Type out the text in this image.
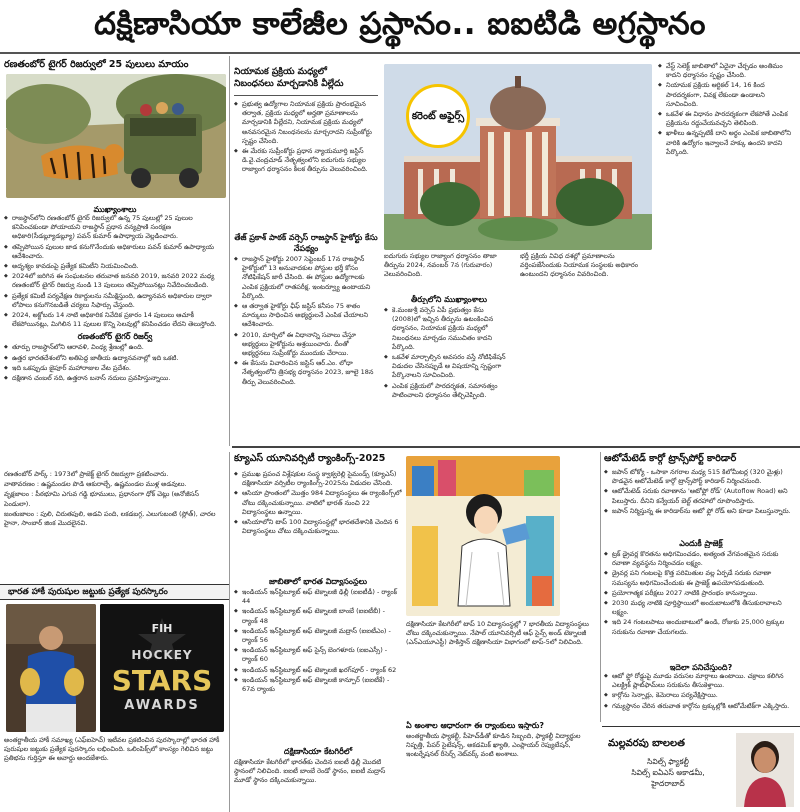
దక్షిణాసియా కాలేజీల ప్రస్థానం.. ఐఐటిడి అగ్రస్థానం
రణతంబోర్ టైగర్ రిజర్వులో 25 పులులు మాయం
ముఖ్యాంశాలు
◆ రాజస్థాన్‌లోని రణతంబోర్ టైగర్ రిజర్వులో ఉన్న 75 పులుల్లో 25 పులుల కనిపించకుండా పోయాయని రాజస్థాన్ ప్రధాన వన్యప్రాణి సంరక్షణ అధికారి(సీడబ్ల్యూడబ్ల్యూ) పవన్ కుమార్ ఉపాధ్యాయ వెల్లడించారు.
◆ తప్పిపోయిన పులుల జాడ కనుగొనేందుకు అధికారులు పవన్ కుమార్ ఉపాధ్యాయ ఆదేశించారు.
◆ అదృశ్యం కావడంపై ప్రత్యేక కమిటీని నియమించింది.
◆ 2024లో జరిగిన ఈ సంఘటనల తరువాత జనవరి 2019, జనవరి 2022 మధ్య రణతంబోర్ టైగర్ రిజర్వు నుండి 13 పులులు తప్పిపోయినట్లు నివేదించబడింది.
◆ ప్రత్యేక కమిటీ పర్యవేక్షణ రికార్డులను సమీక్షిస్తుంది, ఉద్యానవన అధికారుల ద్వారా లోపాలు కనుగొనబడితే చర్యలు సిఫార్సు చేస్తుంది.
◆ 2024, అక్టోబరు 14 నాటి అధికారిక నివేదిక ప్రకారం 14 పులులు ఆచూకీ లేకపోయినట్లు, మిగిలిన 11 పులుల కొన్ని సెలవుల్లో కనిపించడం లేదని తెలుస్తోంది.
రణతంబోర్ టైగర్ రిజర్వ్
◆ తూర్పు రాజస్థాన్‌లోని ఆరావళి, వింధ్య శ్రేణుల్లో ఉంది.
◆ ఉత్తర భారతదేశంలోని అతిపెద్ద జాతీయ ఉద్యానవనాల్లో ఇది ఒకటి.
◆ ఇది ఒకప్పుడు జైపూర్ మహారాజుల వేట ప్రదేశం.
◆ దక్షిణాన చంబల్ నది, ఉత్తరాన బనాస్ నదులు ప్రవహిస్తున్నాయి.

రణతంబోర్ పార్క్ : 1973లో ప్రాజెక్ట్ టైగర్ రిజర్వుగా ప్రకటించారు.

వాతావరణం : ఉష్ణమండల పొడి ఆకురాల్చే, ఉష్ణమండల ముళ్ల అడవులు.

వృక్షజాలం : పీఠభూమి ఎగువ గడ్డి భూములు, ప్రధానంగా ధోక్ చెట్లు (అనోజీసస్ పెండులా).

జంతుజాలం : పులి, చిరుతపులి, అడవి పంది, లకడబగ్గ, ఎలుగుబంటి (స్లోత్), చారల హైనా, సాంబార్ జింక మొదలైనవి.

భారత హాకీ పురుషుల జట్టుకు ప్రత్యేక పురస్కారం
FIH
HOCKEY
STARS
AWARDS

అంతర్జాతీయ హాకీ సమాఖ్య (ఎఫ్ఐహెచ్) ఇటీవల ప్రకటించిన పురస్కారాల్లో భారత హాకీ పురుషుల జట్టుకు ప్రత్యేక పురస్కారం లభించింది. ఒలింపిక్స్‌లో కాంస్యం గెలిచిన జట్టు ప్రతిభను గుర్తిస్తూ ఈ అవార్డు అందజేశారు.

నియామక ప్రక్రియ మధ్యలో
నిబంధనలు మార్చడానికి వీల్లేదు
◆ ప్రభుత్వ ఉద్యోగాల నియామక ప్రక్రియ ప్రారంభమైన తర్వాత, ప్రక్రియ మధ్యలో అర్హతా ప్రమాణాలను మార్చడానికి వీల్లేదని, నియామక ప్రక్రియ మధ్యలో అనవసరమైన నిబంధనలను మార్చరాదని సుప్రీంకోర్టు స్పష్టం చేసింది.
◆ ఈ మేరకు సుప్రీంకోర్టు ప్రధాన న్యాయమూర్తి జస్టిస్ డి.వై.చంద్రచూడ్ నేతృత్వంలోని ఐదుగురు సభ్యుల రాజ్యాంగ ధర్మాసనం కీలక తీర్పును వెలువరించింది.
తేజ్ ప్రకాశ్ పాఠక్ వర్సెస్ రాజస్థాన్ హైకోర్టు కేసు నేపథ్యం
◆ రాజస్థాన్ హైకోర్టు 2007 సెప్టెంబర్ 17న రాజస్థాన్ హైకోర్టులో 13 అనువాదకుల పోస్టుల భర్తీ కోసం నోటిఫికేషన్ జారీ చేసింది. ఈ పోస్టుల ఉద్యోగాలకు ఎంపిక ప్రక్రియలో రాతపరీక్ష, ఇంటర్వ్యూ ఉంటాయని పేర్కొంది.
◆ ఆ తర్వాత హైకోర్టు ఛీఫ్ జస్టిస్ కనీసం 75 శాతం మార్కులు సాధించిన అభ్యర్థులనే ఎంపిక చేయాలని ఆదేశించారు.
◆ 2010, మార్చిలో ఈ విధానాన్ని సవాలు చేస్తూ అభ్యర్థులు హైకోర్టును ఆశ్రయించారు. దీంతో అభ్యర్థనలు సుప్రీంకోర్టు ముందుకు చేరాయి.
◆ ఈ కేసును విచారించిన జస్టిస్ ఆర్.ఎం. లోధా నేతృత్వంలోని త్రిసభ్య ధర్మాసనం 2023, జూలై 18న తీర్పు వెలువరించింది.
కరెంట్ అఫైర్స్

ఐదుగురు సభ్యుల రాజ్యాంగ ధర్మాసనం తాజా తీర్పును 2024, నవంబర్ 7న (గురువారం) వెలువరించింది.

తీర్పులోని ముఖ్యాంశాలు
◆ కె.మంజుశ్రీ వర్సెస్ ఏపీ ప్రభుత్వం కేసు (2008)లో ఇచ్చిన తీర్పును ఉటంకించిన ధర్మాసనం, నియామక ప్రక్రియ మధ్యలో నిబంధనలు మార్చడం సముచితం కాదని పేర్కొంది.
◆ ఒకవేళ మార్చాల్సిన అవసరం వస్తే నోటిఫికేషన్ విడుదల చేసినప్పుడే ఆ విషయాన్ని స్పష్టంగా పేర్కొనాలని సూచించింది.
◆ ఎంపిక ప్రక్రియలో పారదర్శకత, సమానత్వం పాటించాలని ధర్మాసనం తేల్చిచెప్పింది.

భర్తీ ప్రక్రియ వివిధ దశల్లో ప్రమాణాలను వర్తింపజేసేందుకు నియామక సంస్థలకు అధికారం ఉంటుందని ధర్మాసనం వివరించింది.

◆ వేస్ట్ సెలెక్ట్ జాబితాలో ఏదైనా చేర్చడం అంతిమం కాదని ధర్మాసనం స్పష్టం చేసింది.
◆ నియామక ప్రక్రియ ఆర్టికల్ 14, 16 కింద పారదర్శకంగా, వివక్ష లేకుండా ఉండాలని సూచించింది.
◆ ఒకవేళ ఈ విధానం పారదర్శకంగా లేకపోతే ఎంపిక ప్రక్రియను రద్దుచేయవచ్చని తెలిపింది.
◆ ఖాళీలు ఉన్నప్పటికీ దాని అర్థం ఎంపిక జాబితాలోని వారికి ఉద్యోగం ఇవ్వాలనే హక్కు ఉందని కాదని పేర్కొంది.
క్యూఎస్ యూనివర్సిటీ ర్యాంకింగ్స్-2025
◆ ప్రముఖ ప్రపంచ విశ్లేషకుల సంస్థ క్వాక్వరెల్లి సైమండ్స్ (క్యూఎస్) దక్షిణాసియా వర్సిటీల ర్యాంకింగ్స్-2025ను విడుదల చేసింది.
◆ ఆసియా ప్రాంతంలో మొత్తం 984 విద్యాసంస్థలు ఈ ర్యాంకింగ్స్‌లో చోటు దక్కించుకున్నాయి. వాటిలో భారత్ నుంచి 22 విద్యాసంస్థలు ఉన్నాయి.
◆ ఆసియాలోని టాప్ 100 విద్యాసంస్థల్లో భారతదేశానికి చెందిన 6 విద్యాసంస్థలు చోటు దక్కించుకున్నాయి.
జాబితాలో భారత విద్యాసంస్థలు
◆ ఇండియన్ ఇన్‌స్టిట్యూట్ ఆఫ్ టెక్నాలజీ ఢిల్లీ (ఐఐటీడీ) - ర్యాంక్ 44
◆ ఇండియన్ ఇన్‌స్టిట్యూట్ ఆఫ్ టెక్నాలజీ బాంబే (ఐఐటీబీ) - ర్యాంక్ 48
◆ ఇండియన్ ఇన్‌స్టిట్యూట్ ఆఫ్ టెక్నాలజీ మద్రాస్ (ఐఐటీఎం) - ర్యాంక్ 56
◆ ఇండియన్ ఇన్‌స్టిట్యూట్ ఆఫ్ సైన్స్ బెంగళూరు (ఐఐఎస్సీ) - ర్యాంక్ 60
◆ ఇండియన్ ఇన్‌స్టిట్యూట్ ఆఫ్ టెక్నాలజీ ఖరగ్‌పూర్ - ర్యాంక్ 62
◆ ఇండియన్ ఇన్‌స్టిట్యూట్ ఆఫ్ టెక్నాలజీ కాన్పూర్ (ఐఐటీకే) - 67వ ర్యాంకు
దక్షిణాసియా కేటగిరీలో

దక్షిణాసియా కేటగిరీలో భారత్‌కు చెందిన ఐఐటీ ఢిల్లీ మొదటి స్థానంలో నిలిచింది. ఐఐటీ బాంబే రెండో స్థానం, ఐఐటీ మద్రాస్ మూడో స్థానం దక్కించుకున్నాయి.

దక్షిణాసియా కేటగిరీలో టాప్ 10 విద్యాసంస్థల్లో 7 భారతీయ విద్యాసంస్థలు చోటు దక్కించుకున్నాయి. నేపాల్ యూనివర్సిటీ ఆఫ్ సైన్స్ అండ్ టెక్నాలజీ (ఎన్ఎయూఎస్టీ) పాకిస్తాన్ దక్షిణాసియా విభాగంలో టాప్-5లో నిలిచింది.

ఏ అంశాల ఆధారంగా ఈ ర్యాంకులు ఇస్తారు?

అంతర్జాతీయ ఫ్యాకల్టీ, పీహెచ్‌డీతో కూడిన సిబ్బంది, ఫ్యాకల్టీ విద్యార్థుల నిష్పత్తి, పేపర్ సైటేషన్స్, అకడమిక్ ఖ్యాతి, ఎంప్లాయర్ రెప్యుటేషన్, ఇంటర్నేషనల్ రీసెర్చ్ నెట్‌వర్క్ వంటి అంశాలు.

ఆటోమేటెడ్ కార్గో ట్రాన్స్‌పోర్ట్ కారిడార్
◆ జపాన్ టోక్యో - ఒసాకా నగరాల మధ్య 515 కిలోమీటర్ల (320 మైళ్లు) పొడవైన ఆటోమేటెడ్ కార్గో ట్రాన్స్‌పోర్ట్ కారిడార్ నిర్మించనుంది.
◆ ఆటోమేటెడ్ సరుకు రవాణాను 'ఆటోఫ్లో రోడ్' (Autoflow Road) అని పిలుస్తారు. దీనిని కన్వేయర్ బెల్ట్ తరహాలో రూపొందిస్తారు.
◆ జపాన్ నిర్మిస్తున్న ఈ కారిడార్‌ను ఆటో ఫ్లో రోడ్ అని కూడా పిలుస్తున్నారు.
ఎందుకీ ప్రాజెక్ట్
◆ ట్రక్ డ్రైవర్ల కొరతను అధిగమించడం, అత్యంత వేగవంతమైన సరుకు రవాణా వ్యవస్థను నిర్మించడం లక్ష్యం.
◆ డ్రైవర్ల పని గంటలపై కొత్త పరిమితుల వల్ల ఏర్పడే సరుకు రవాణా సమస్యను అధిగమించేందుకు ఈ ప్రాజెక్ట్ ఉపయోగపడుతుంది.
◆ ప్రయోగాత్మక పరీక్షలు 2027 నాటికి ప్రారంభం కానున్నాయి.
◆ 2030 మధ్య నాటికి పూర్తిస్థాయిలో అందుబాటులోకి తీసుకురావాలని లక్ష్యం.
◆ ఇది 24 గంటలపాటు అందుబాటులో ఉండి, రోజుకు 25,000 ట్రక్కుల సరుకును రవాణా చేయగలదు.
ఇదెలా పనిచేస్తుంది?
◆ ఆటో ఫ్లో రోడ్డుపై మూడు వరుసల మార్గాలు ఉంటాయి. చక్రాలు కలిగిన ఎలక్ట్రిక్ ప్లాట్‌ఫామ్‌లు సరుకును తీసుకెళ్తాయి.
◆ కార్గోను సెన్సార్లు, కెమెరాలు పర్యవేక్షిస్తాయి.
◆ గమ్యస్థానం చేరిన తరువాత కార్గోను ట్రక్కుల్లోకి ఆటోమేటిక్‌గా ఎక్కిస్తారు.
మల్లవరపు బాలలత
సివిల్స్ ఫ్యాకల్టీ
సివిల్స్ ఐఏఎస్ అకాడమీ,
హైదరాబాద్
